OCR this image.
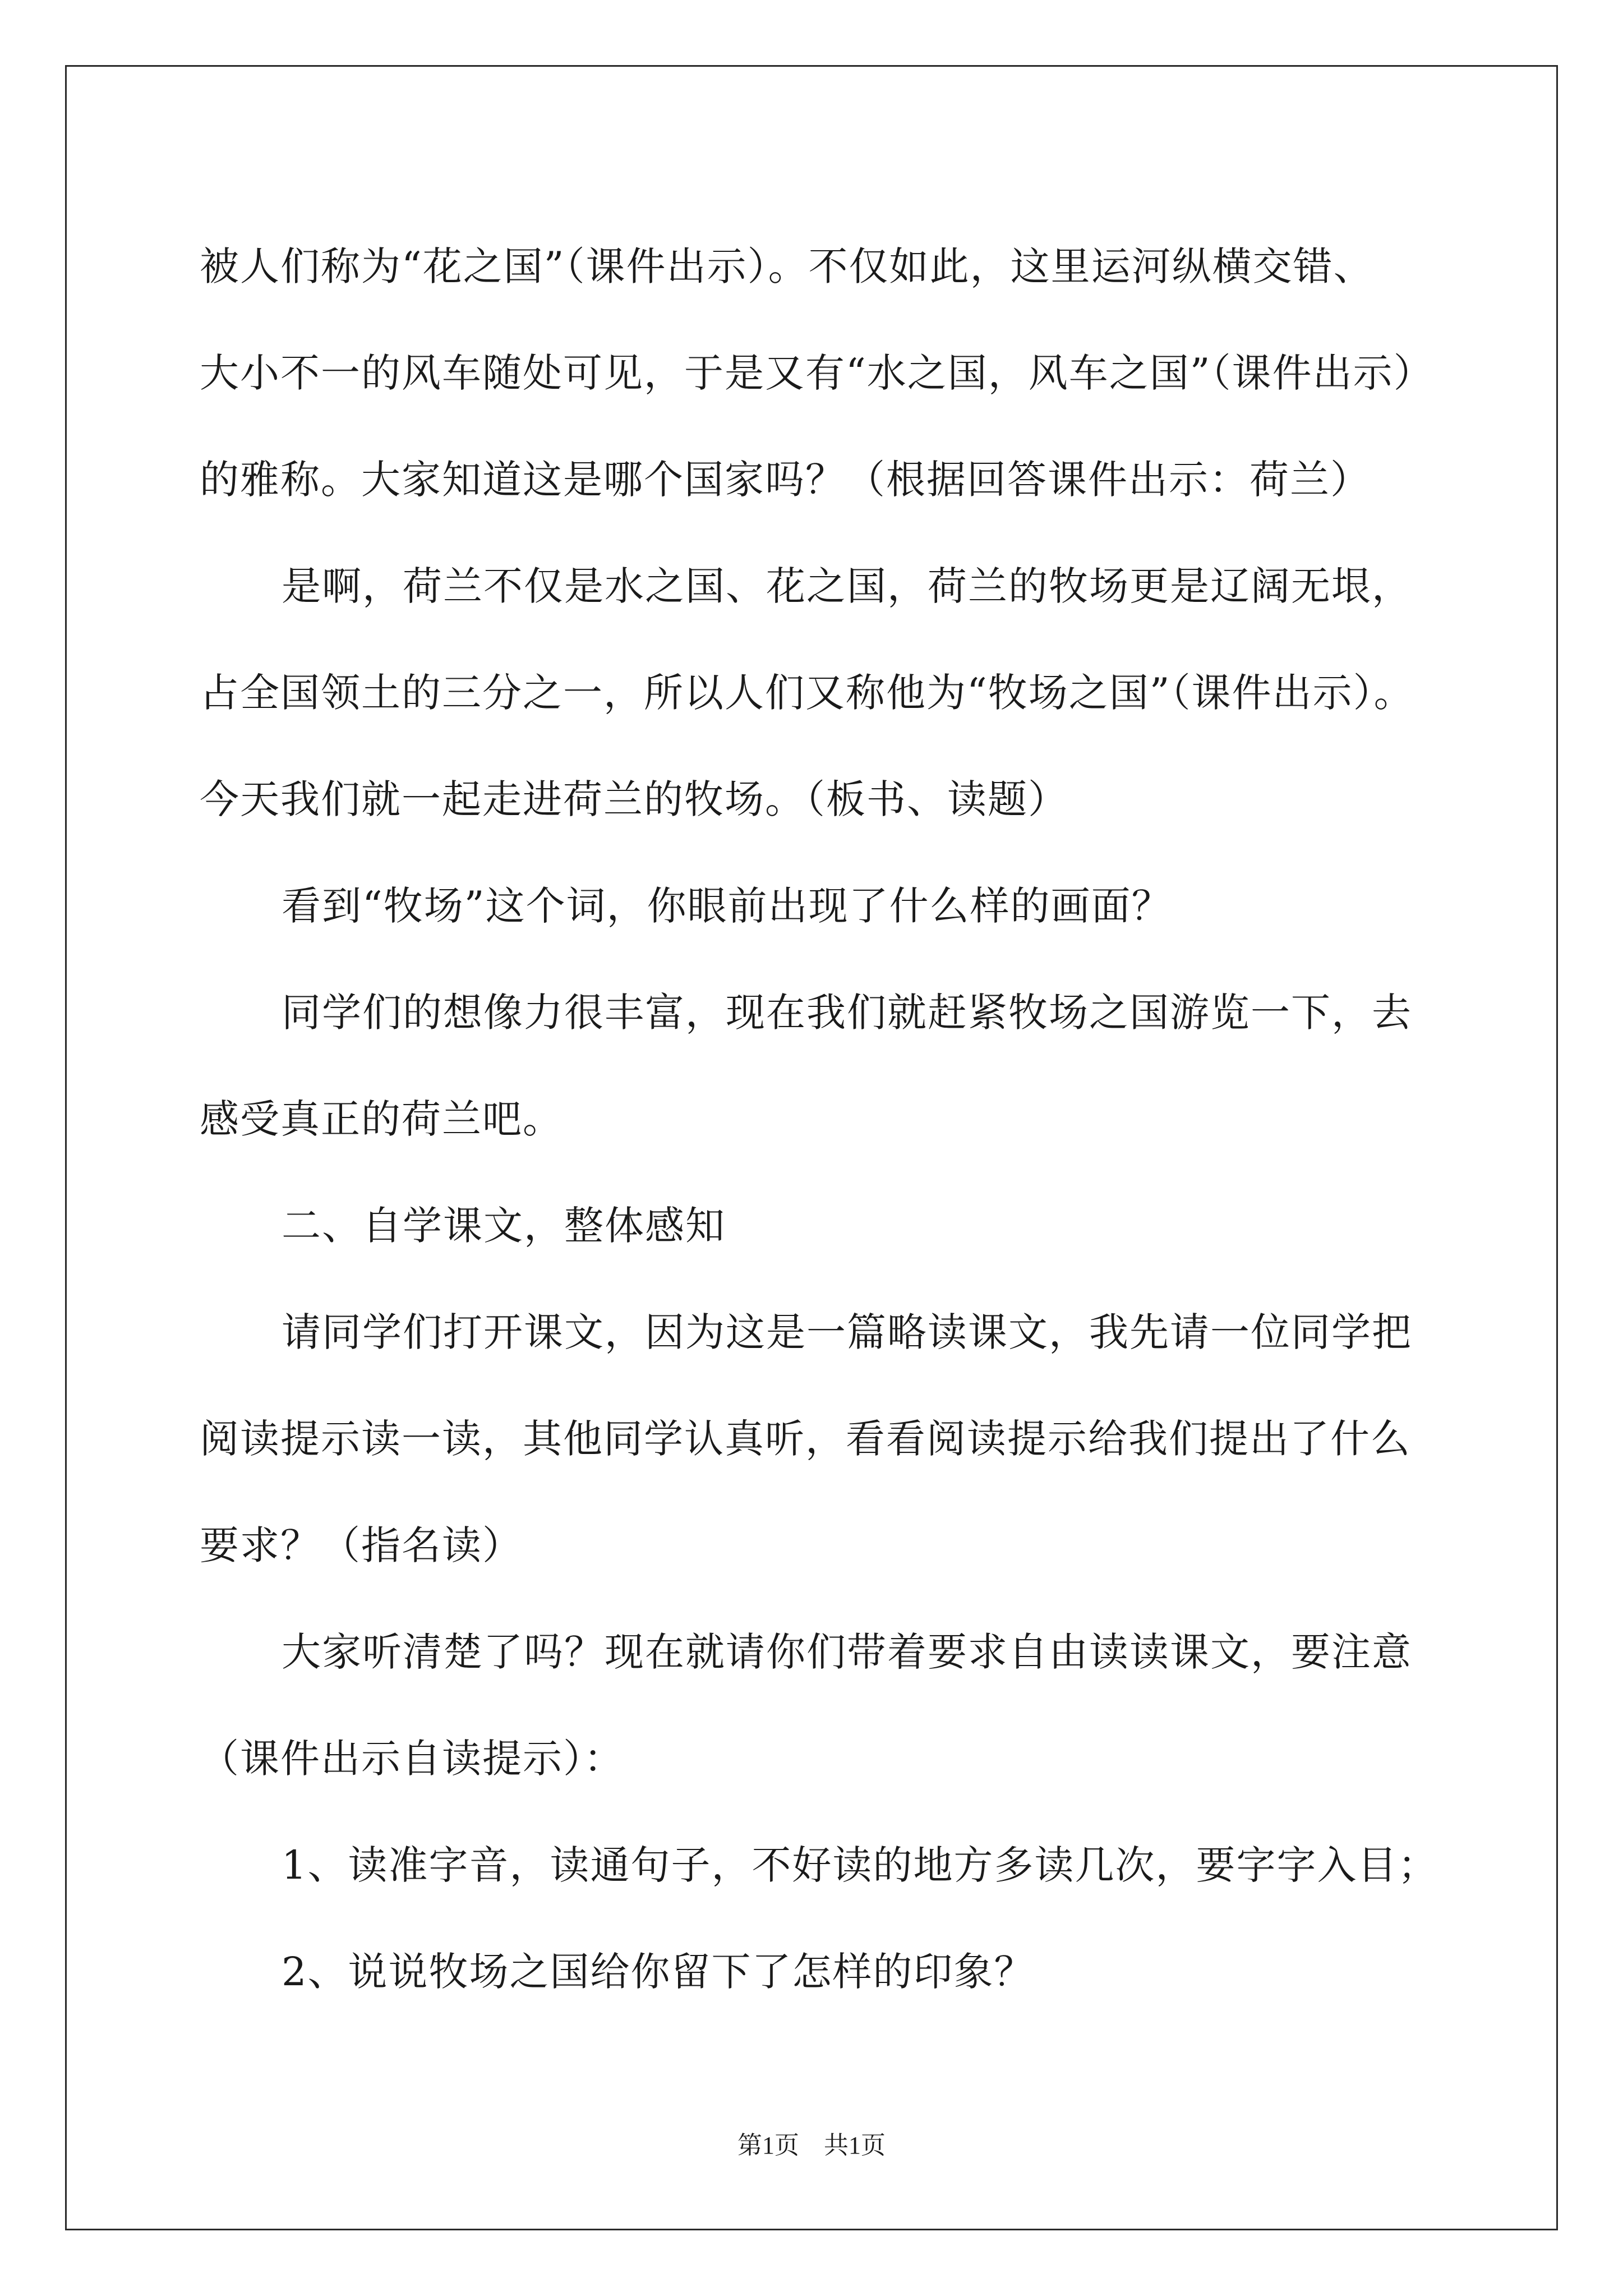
被人们称为“花之国”（课件出示）。不仅如此，这里运河纵横交错、
大小不一的风车随处可见，于是又有“水之国，风车之国”（课件出示）
的雅称。大家知道这是哪个国家吗？（根据回答课件出示：荷兰）
是啊，荷兰不仅是水之国、花之国，荷兰的牧场更是辽阔无垠，
占全国领土的三分之一，所以人们又称他为“牧场之国”（课件出示）。
今天我们就一起走进荷兰的牧场。（板书、读题）
看到“牧场”这个词，你眼前出现了什么样的画面？
同学们的想像力很丰富，现在我们就赶紧牧场之国游览一下，去
感受真正的荷兰吧。
二、自学课文，整体感知
请同学们打开课文，因为这是一篇略读课文，我先请一位同学把
阅读提示读一读，其他同学认真听，看看阅读提示给我们提出了什么
要求？（指名读）
大家听清楚了吗？现在就请你们带着要求自由读读课文，要注意
（课件出示自读提示）：
1、读准字音，读通句子，不好读的地方多读几次，要字字入目；
2、说说牧场之国给你留下了怎样的印象？
第1页　共1页
